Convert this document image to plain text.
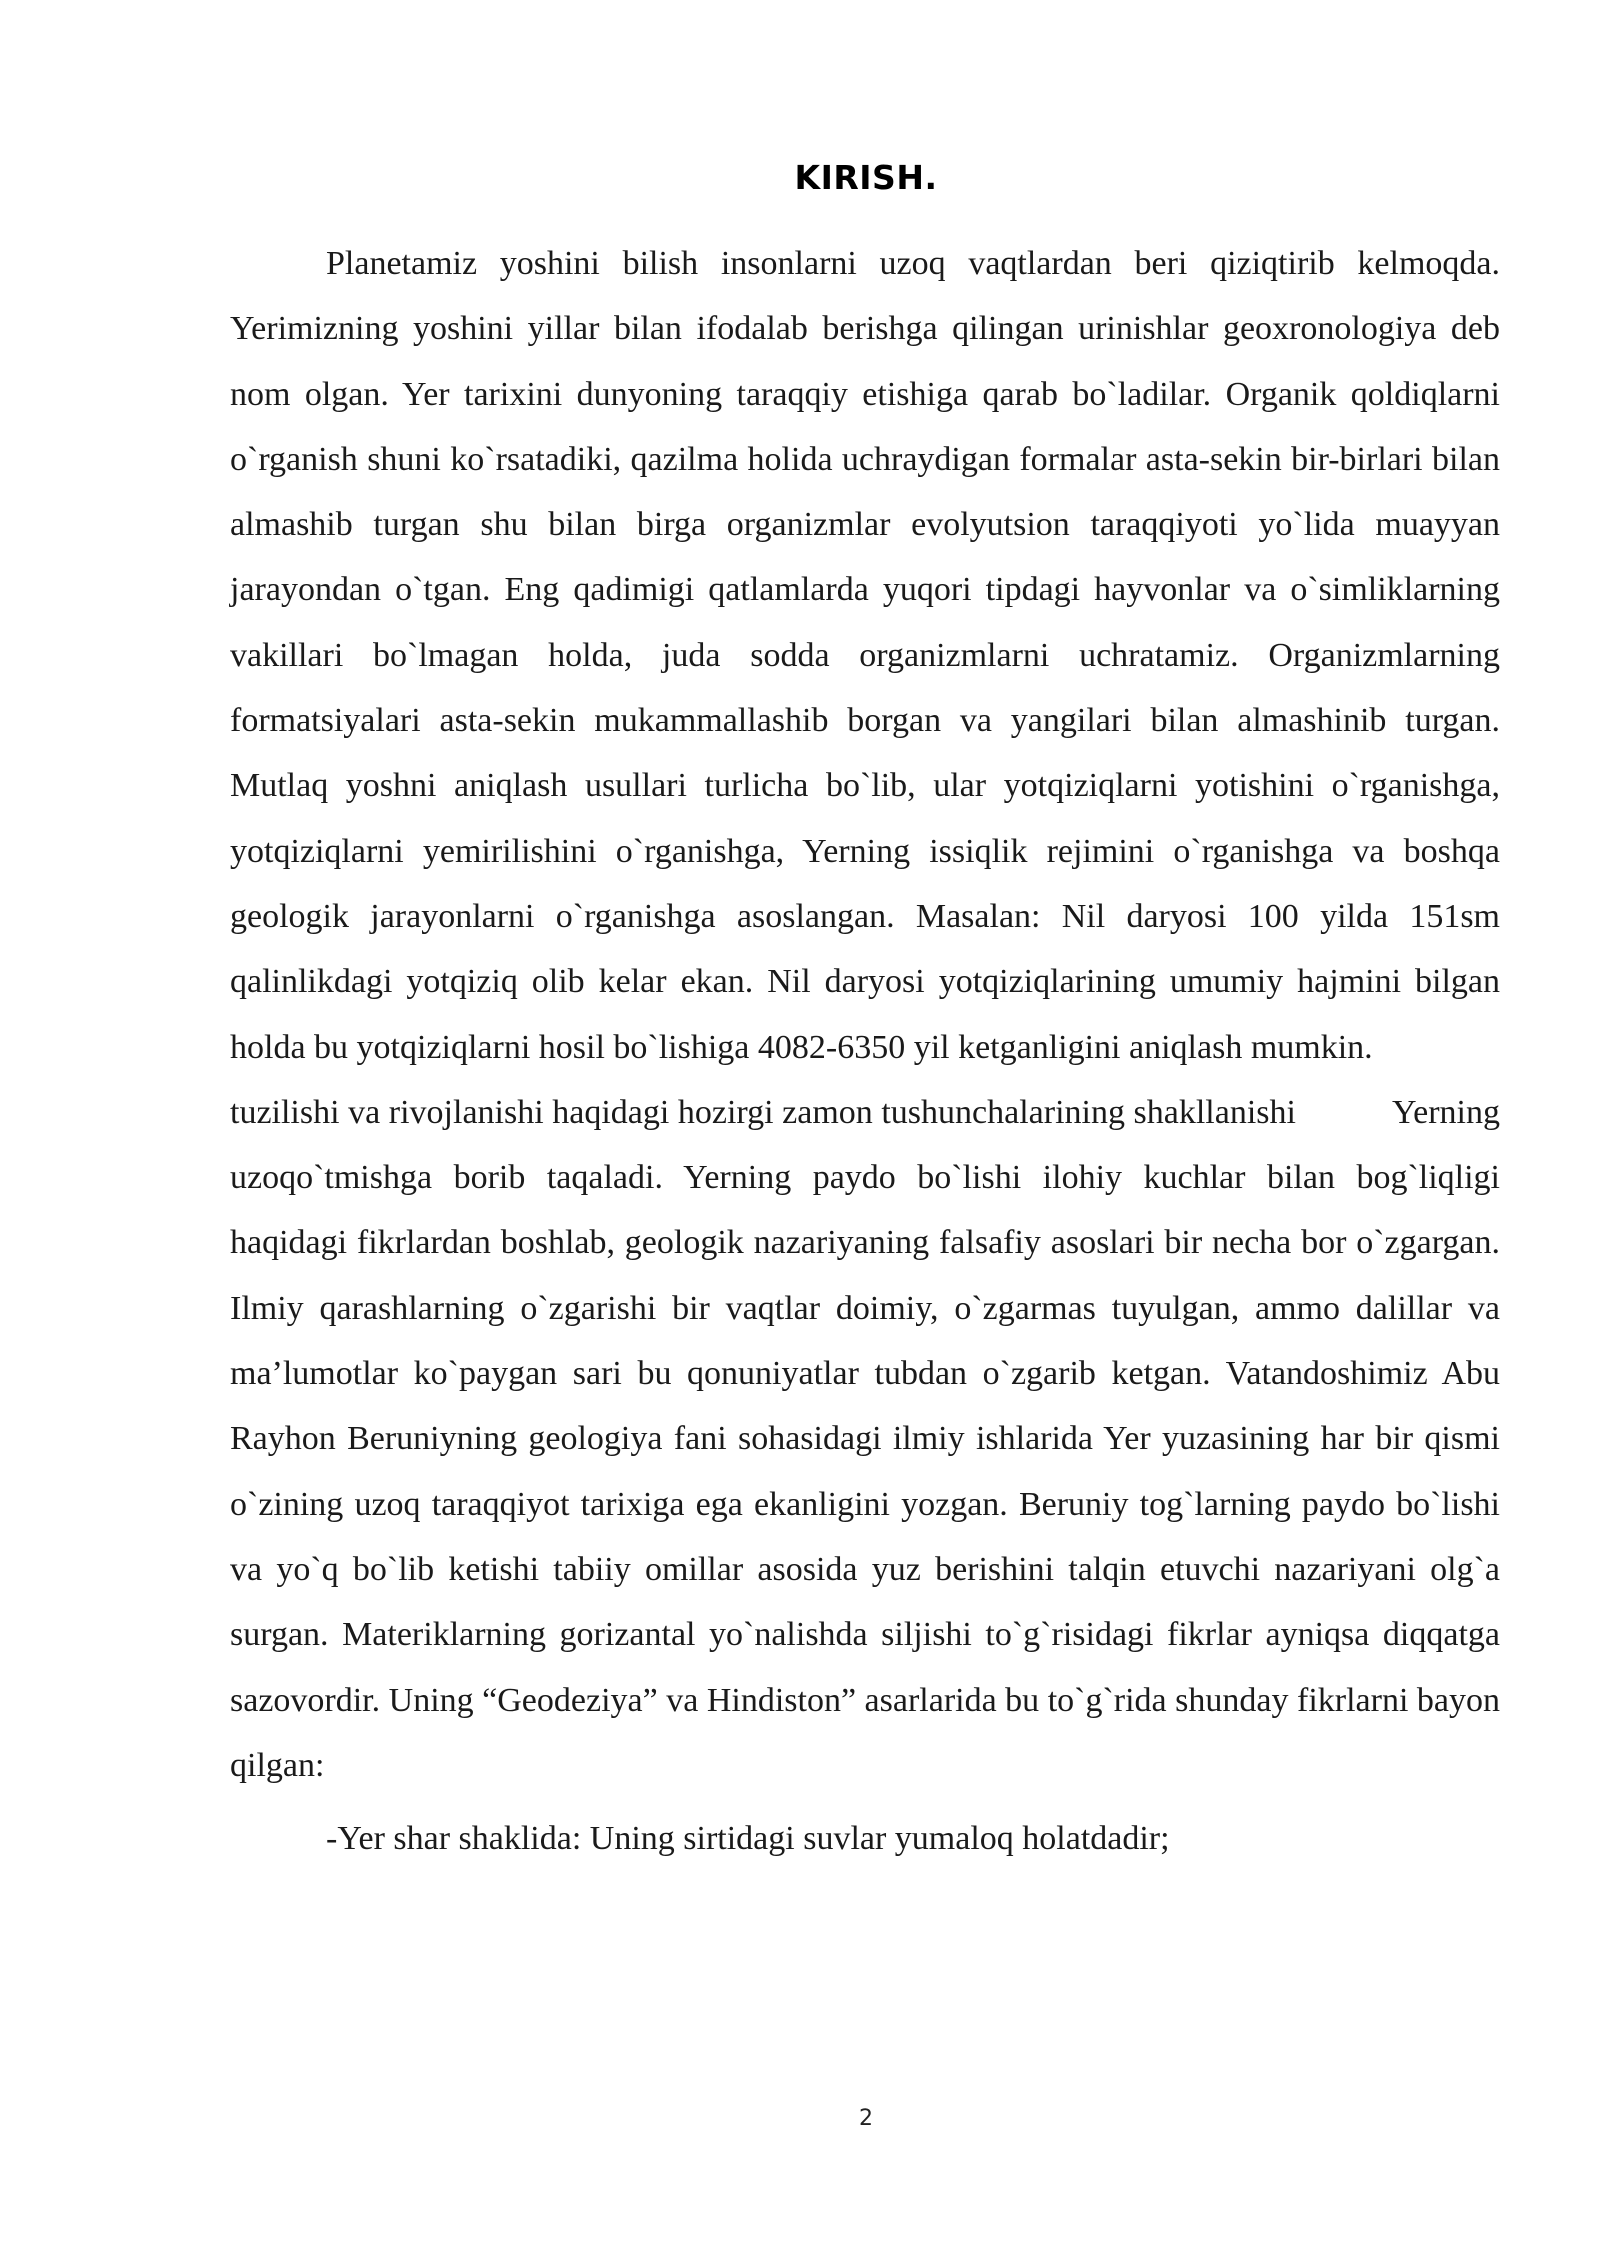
KIRISH.

Planetamiz yoshini bilish insonlarni uzoq vaqtlardan beri qiziqtirib kelmoqda. Yerimizning yoshini yillar bilan ifodalab berishga qilingan urinishlar geoxronologiya deb nom olgan. Yer tarixini dunyoning taraqqiy etishiga qarab bo`ladilar. Organik qoldiqlarni o`rganish shuni ko`rsatadiki, qazilma holida uchraydigan formalar asta-sekin bir-birlari bilan almashib turgan shu bilan birga organizmlar evolyutsion taraqqiyoti yo`lida muayyan jarayondan o`tgan. Eng qadimigi qatlamlarda yuqori tipdagi hayvonlar va o`simliklarning vakillari bo`lmagan holda, juda sodda organizmlarni uchratamiz. Organizmlarning formatsiyalari asta-sekin mukammallashib borgan va yangilari bilan almashinib turgan. Mutlaq yoshni aniqlash usullari turlicha bo`lib, ular yotqiziqlarni yotishini o`rganishga, yotqiziqlarni yemirilishini o`rganishga, Yerning issiqlik rejimini o`rganishga va boshqa geologik jarayonlarni o`rganishga asoslangan. Masalan: Nil daryosi 100 yilda 151sm qalinlikdagi yotqiziq olib kelar ekan. Nil daryosi yotqiziqlarining umumiy hajmini bilgan holda bu yotqiziqlarni hosil bo`lishiga 4082-6350 yil ketganligini aniqlash mumkin.
Yerning

tuzilishi va rivojlanishi haqidagi hozirgi zamon tushunchalarining shakllanishi uzoqo`tmishga borib taqaladi. Yerning paydo bo`lishi ilohiy kuchlar bilan bog`liqligi haqidagi fikrlardan boshlab, geologik nazariyaning falsafiy asoslari bir necha bor o`zgargan. Ilmiy qarashlarning o`zgarishi bir vaqtlar doimiy, o`zgarmas tuyulgan, ammo dalillar va ma’lumotlar ko`paygan sari bu qonuniyatlar tubdan o`zgarib ketgan. Vatandoshimiz Abu Rayhon Beruniyning geologiya fani sohasidagi ilmiy ishlarida Yer yuzasining har bir qismi o`zining uzoq taraqqiyot tarixiga ega ekanligini yozgan. Beruniy tog`larning paydo bo`lishi va yo`q bo`lib ketishi tabiiy omillar asosida yuz berishini talqin etuvchi nazariyani olg`a surgan. Materiklarning gorizantal yo`nalishda siljishi to`g`risidagi fikrlar ayniqsa diqqatga sazovordir. Uning “Geodeziya” va Hindiston” asarlarida bu to`g`rida shunday fikrlarni bayon qilgan:

-Yer shar shaklida: Uning sirtidagi suvlar yumaloq holatdadir;

2
